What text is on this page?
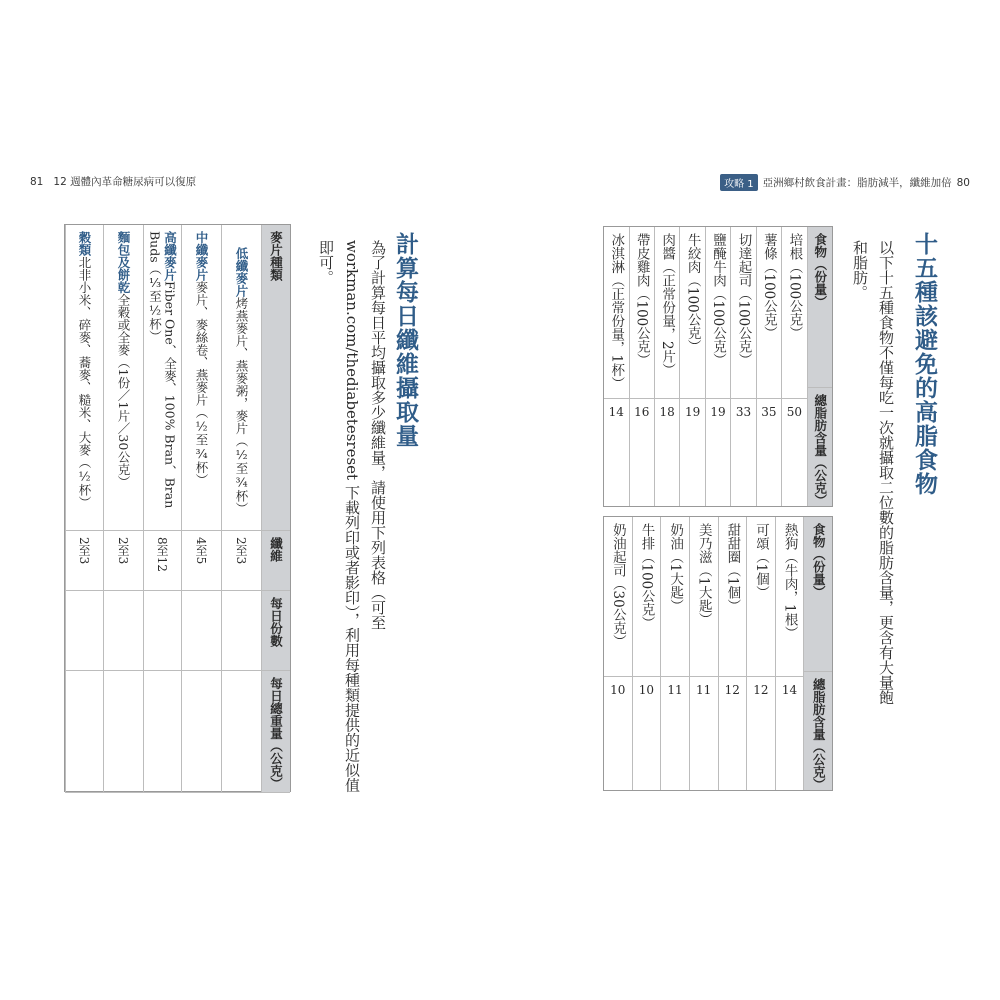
81 12 週體內革命糖尿病可以復原	攻略 1 亞洲鄉村飲食計畫：脂肪減半，纖維加倍 80
十五種該避免的高脂食物
以下十五種食物不僅每吃一次就攝取二位數的脂肪含量，更含有大量飽和脂肪。
食物（份量）
總脂肪含量（公克）
培根（100公克）
50
薯條（100公克）
35
切達起司（100公克）
33
鹽醃牛肉（100公克）
19
牛絞肉（100公克）
19
肉醬（正常份量，2片）
18
帶皮雞肉（100公克）
16
冰淇淋（正常份量，1杯）
14
食物（份量）
總脂肪含量（公克）
熱狗（牛肉，1根）
14
可頌（1個）
12
甜甜圈（1個）
12
美乃滋（1大匙）
11
奶油（1大匙）
11
牛排（100公克）
10
奶油起司（30公克）
10
計算每日纖維攝取量
為了計算每日平均攝取多少纖維量，請使用下列表格（可至 workman.com/thediabetesreset 下載列印或者影印），利用每種類提供的近似值即可。
麥片種類
低纖麥片烤燕麥片、燕麥粥，麥片（½至¾杯）
中纖麥片麥片、麥絲卷、燕麥片（½至¾杯）
高纖麥片Fiber One、全麥、100% Bran、Bran Buds（⅓至½杯）
麵包及餅乾全穀或全麥（1份／1片／30公克）
穀類北非小米、碎麥、蕎麥、糙米、大麥（½杯）
纖維
2至3
4至5
8至12
2至3
2至3
每日份數
每日總重量（公克）
